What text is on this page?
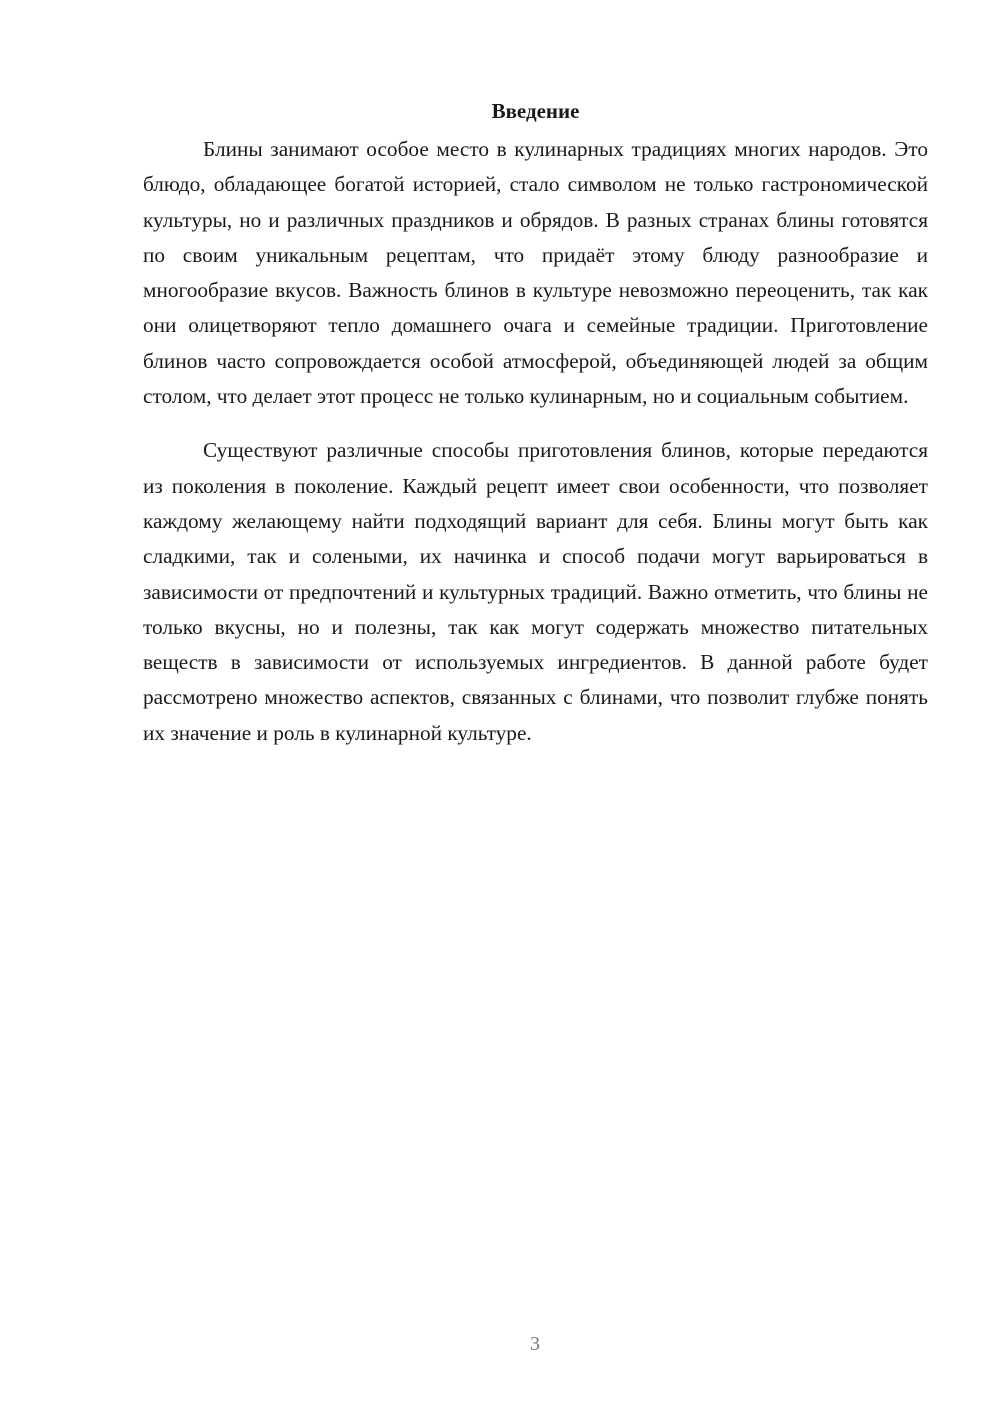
Введение

Блины занимают особое место в кулинарных традициях многих народов. Это блюдо, обладающее богатой историей, стало символом не только гастрономической культуры, но и различных праздников и обрядов. В разных странах блины готовятся по своим уникальным рецептам, что придаёт этому блюду разнообразие и многообразие вкусов. Важность блинов в культуре невозможно переоценить, так как они олицетворяют тепло домашнего очага и семейные традиции. Приготовление блинов часто сопровождается особой атмосферой, объединяющей людей за общим столом, что делает этот процесс не только кулинарным, но и социальным событием.

Существуют различные способы приготовления блинов, которые передаются из поколения в поколение. Каждый рецепт имеет свои особенности, что позволяет каждому желающему найти подходящий вариант для себя. Блины могут быть как сладкими, так и солеными, их начинка и способ подачи могут варьироваться в зависимости от предпочтений и культурных традиций. Важно отметить, что блины не только вкусны, но и полезны, так как могут содержать множество питательных веществ в зависимости от используемых ингредиентов. В данной работе будет рассмотрено множество аспектов, связанных с блинами, что позволит глубже понять их значение и роль в кулинарной культуре.

3
